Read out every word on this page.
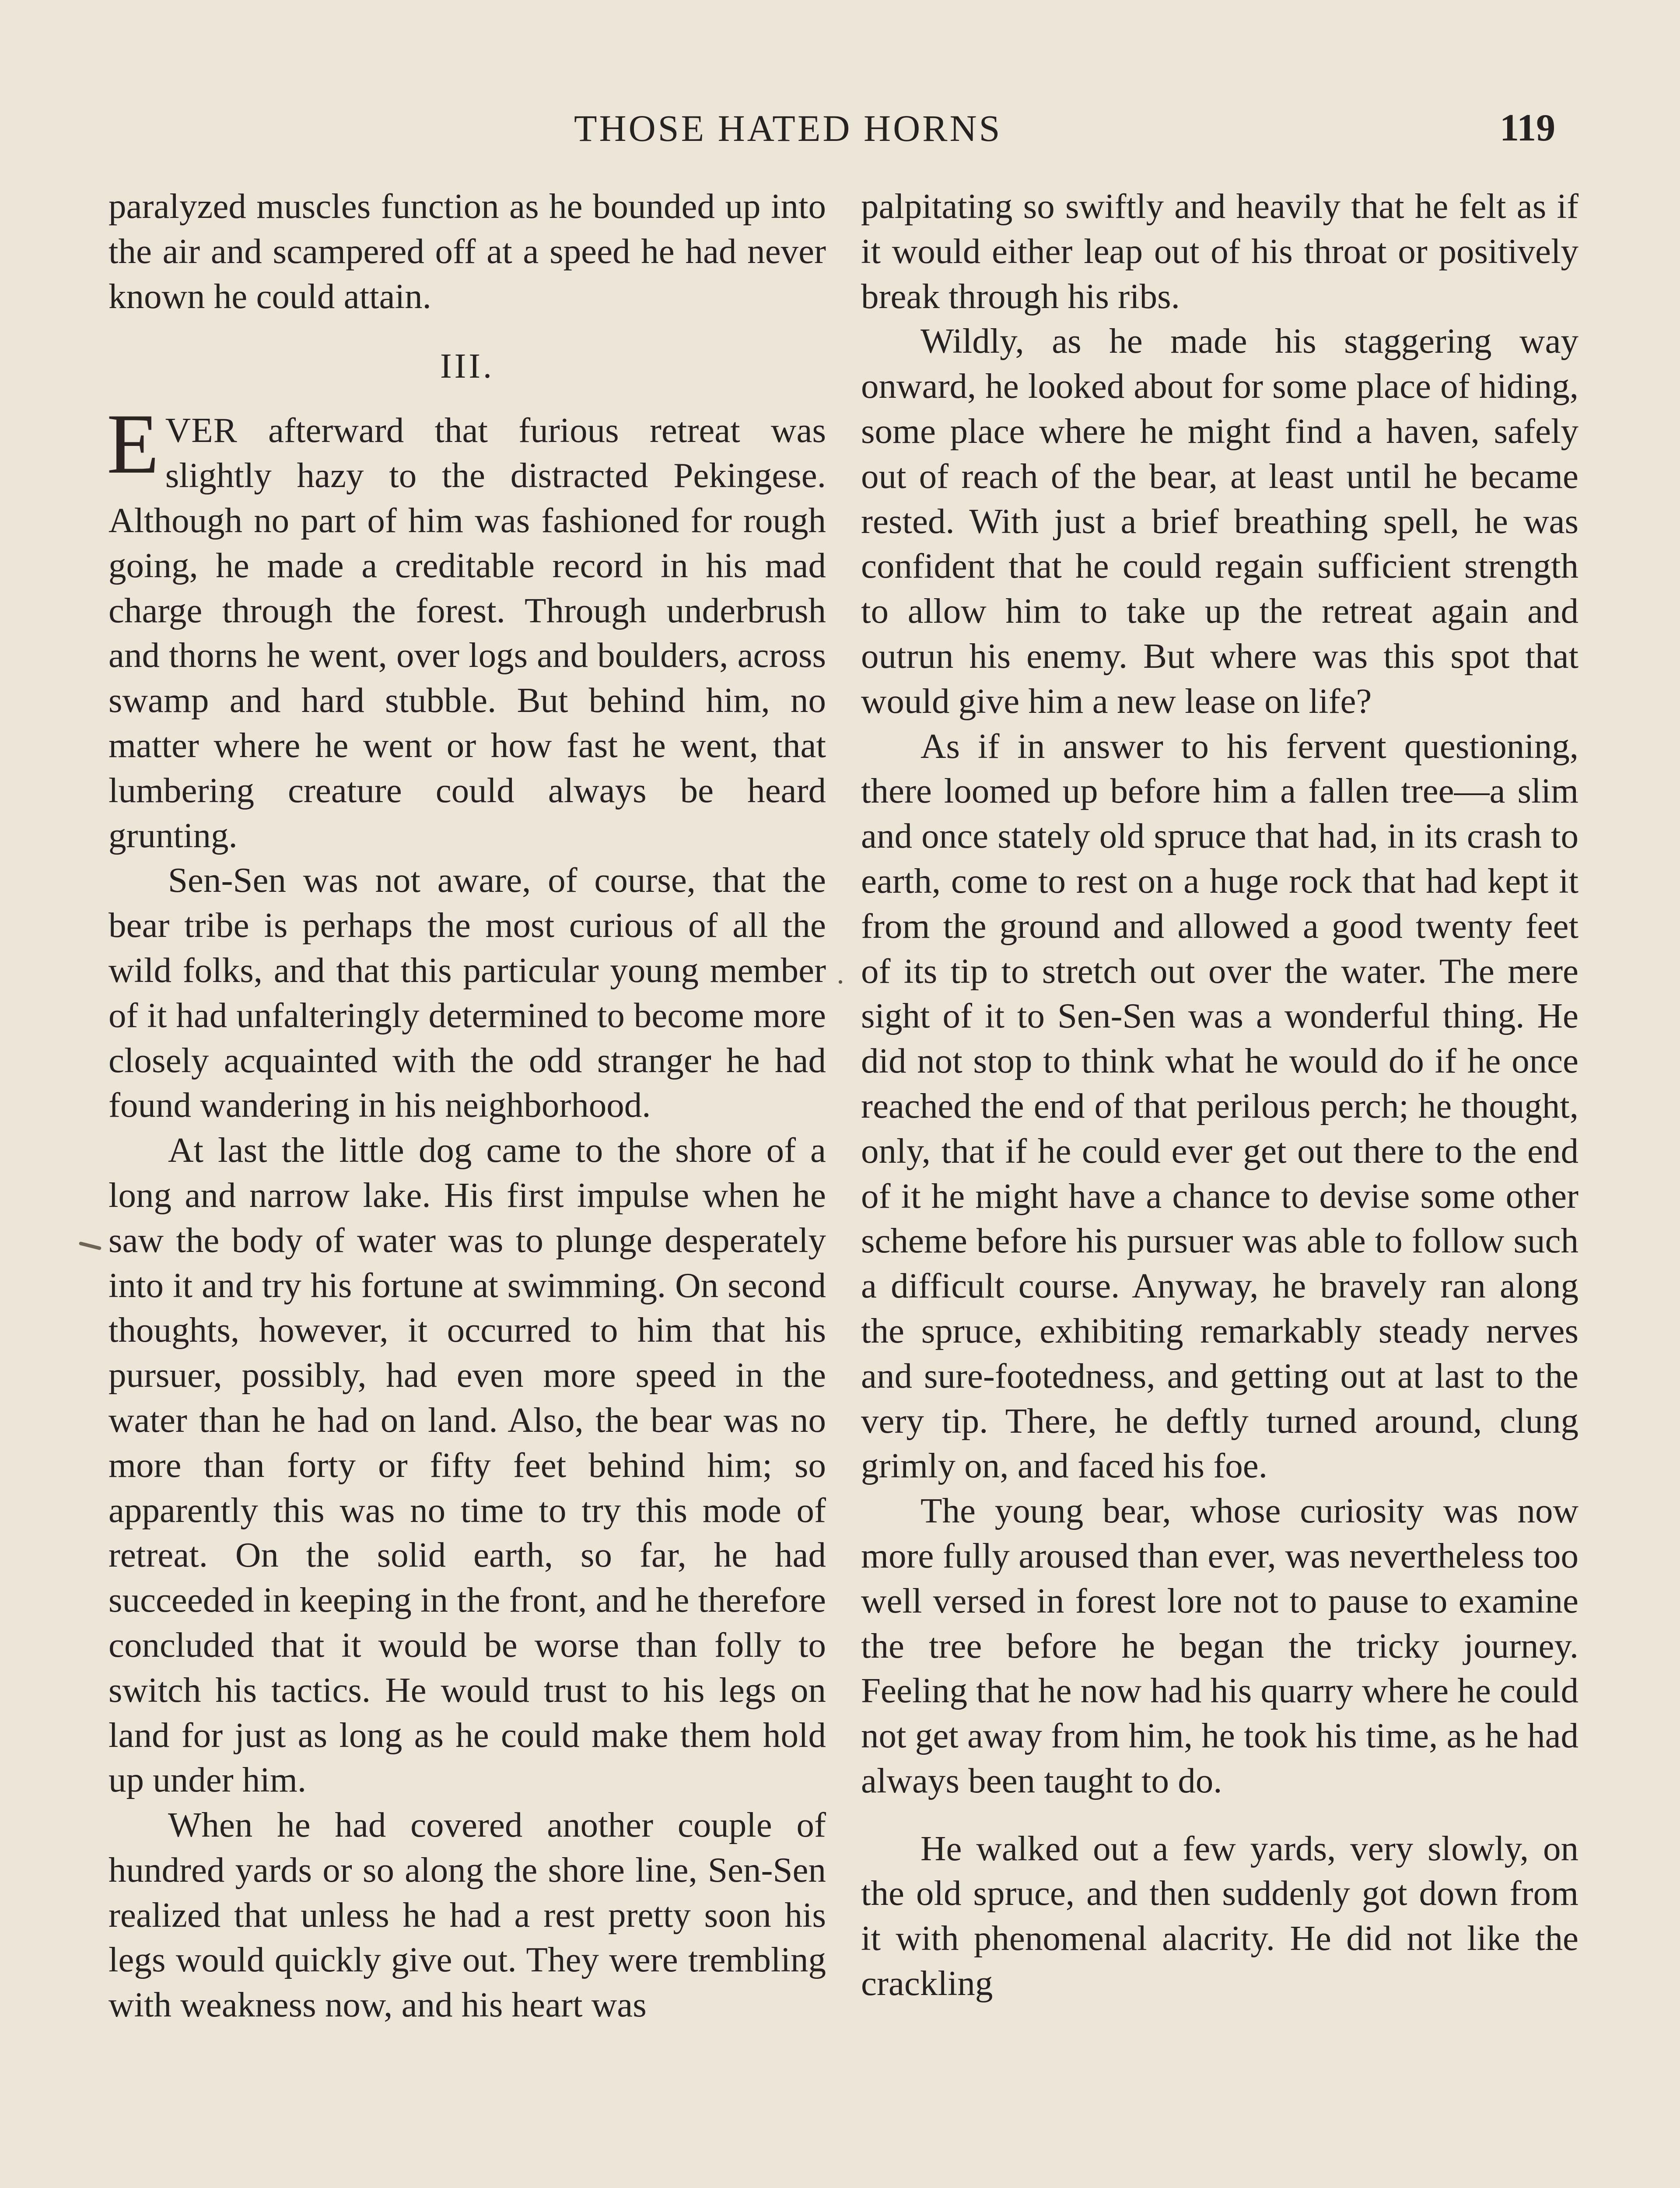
THOSE HATED HORNS	119

paralyzed muscles function as he bounded up into the air and scampered off at a speed he had never known he could attain.

III.

EVER afterward that furious retreat was slightly hazy to the distracted Pekingese. Although no part of him was fashioned for rough going, he made a creditable record in his mad charge through the forest. Through underbrush and thorns he went, over logs and boulders, across swamp and hard stubble. But behind him, no matter where he went or how fast he went, that lumbering creature could always be heard grunting.

Sen-Sen was not aware, of course, that the bear tribe is perhaps the most curious of all the wild folks, and that this particular young member of it had unfalteringly determined to become more closely acquainted with the odd stranger he had found wandering in his neighborhood.

At last the little dog came to the shore of a long and narrow lake. His first impulse when he saw the body of water was to plunge desperately into it and try his fortune at swimming. On second thoughts, however, it occurred to him that his pursuer, possibly, had even more speed in the water than he had on land. Also, the bear was no more than forty or fifty feet behind him; so apparently this was no time to try this mode of retreat. On the solid earth, so far, he had succeeded in keeping in the front, and he therefore concluded that it would be worse than folly to switch his tactics. He would trust to his legs on land for just as long as he could make them hold up under him.

When he had covered another couple of hundred yards or so along the shore line, Sen-Sen realized that unless he had a rest pretty soon his legs would quickly give out. They were trembling with weakness now, and his heart was

palpitating so swiftly and heavily that he felt as if it would either leap out of his throat or positively break through his ribs.

Wildly, as he made his staggering way onward, he looked about for some place of hiding, some place where he might find a haven, safely out of reach of the bear, at least until he became rested. With just a brief breathing spell, he was confident that he could regain sufficient strength to allow him to take up the retreat again and outrun his enemy. But where was this spot that would give him a new lease on life?

As if in answer to his fervent questioning, there loomed up before him a fallen tree—a slim and once stately old spruce that had, in its crash to earth, come to rest on a huge rock that had kept it from the ground and allowed a good twenty feet of its tip to stretch out over the water. The mere sight of it to Sen-Sen was a wonderful thing. He did not stop to think what he would do if he once reached the end of that perilous perch; he thought, only, that if he could ever get out there to the end of it he might have a chance to devise some other scheme before his pursuer was able to follow such a difficult course. Anyway, he bravely ran along the spruce, exhibiting remarkably steady nerves and sure-footedness, and getting out at last to the very tip. There, he deftly turned around, clung grimly on, and faced his foe.

The young bear, whose curiosity was now more fully aroused than ever, was nevertheless too well versed in forest lore not to pause to examine the tree before he began the tricky journey. Feeling that he now had his quarry where he could not get away from him, he took his time, as he had always been taught to do.

He walked out a few yards, very slowly, on the old spruce, and then suddenly got down from it with phenomenal alacrity. He did not like the crackling
